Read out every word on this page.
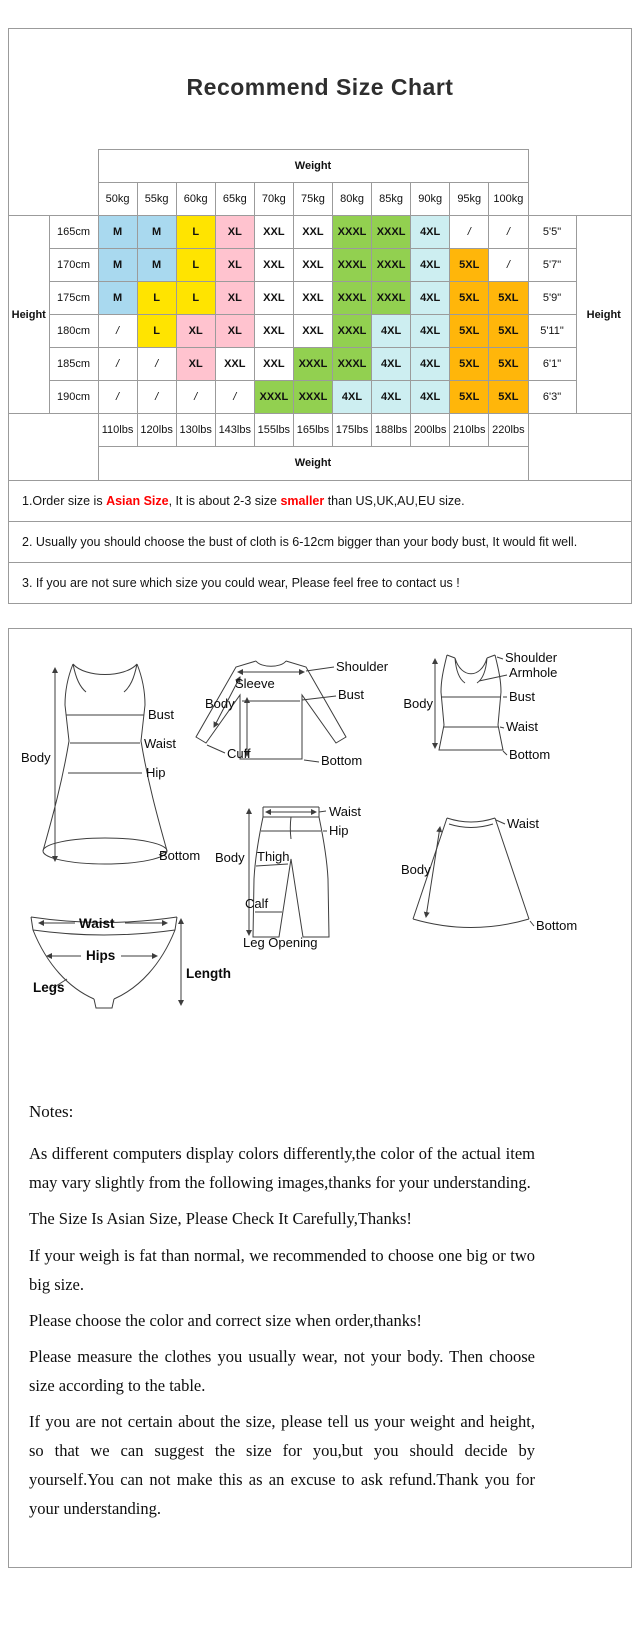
Recommend Size Chart
		Weight												
		50kg	55kg	60kg	65kg	70kg	75kg	80kg	85kg	90kg	95kg	100kg		
Height	165cm	M	M	L	XL	XXL	XXL	XXXL	XXXL	4XL	/	/	5'5"	Height
	170cm	M	M	L	XL	XXL	XXL	XXXL	XXXL	4XL	5XL	/	5'7"	
	175cm	M	L	L	XL	XXL	XXL	XXXL	XXXL	4XL	5XL	5XL	5'9"	
	180cm	/	L	XL	XL	XXL	XXL	XXXL	4XL	4XL	5XL	5XL	5'11"	
	185cm	/	/	XL	XXL	XXL	XXXL	XXXL	4XL	4XL	5XL	5XL	6'1"	
	190cm	/	/	/	/	XXXL	XXXL	4XL	4XL	4XL	5XL	5XL	6'3"	
		110lbs	120lbs	130lbs	143lbs	155lbs	165lbs	175lbs	188lbs	200lbs	210lbs	220lbs		
		Weight												
1.Order size is Asian Size, It is about 2-3 size smaller than US,UK,AU,EU size.
2. Usually you should choose the bust of cloth is 6-12cm bigger than your body bust, It would fit well.
3. If you are not sure which size you could wear, Please feel free to contact us !
Bust
Waist
Hip
Body
Bottom
Shoulder
Sleeve
Body
Bust
Cuff	Bottom
Shoulder
Armhole
Bust
Waist
Bottom
Body
Waist
Hip
Body Thigh
Calf
Leg Opening
Waist
Body
Bottom
Waist
Hips
Legs
Length
Notes:

As different computers display colors differently,the color of the actual item may vary slightly from the following images,thanks for your understanding.

The Size Is Asian Size, Please Check It Carefully,Thanks!

If your weigh is fat than normal, we recommended to choose one big or two big size.

Please choose the color and correct size when order,thanks!

Please measure the clothes you usually wear, not your body. Then choose size according to the table.

If you are not certain about the size, please tell us your weight and height, so that we can suggest the size for you,but you should decide by yourself.You can not make this as an excuse to ask refund.Thank you for your understanding.
